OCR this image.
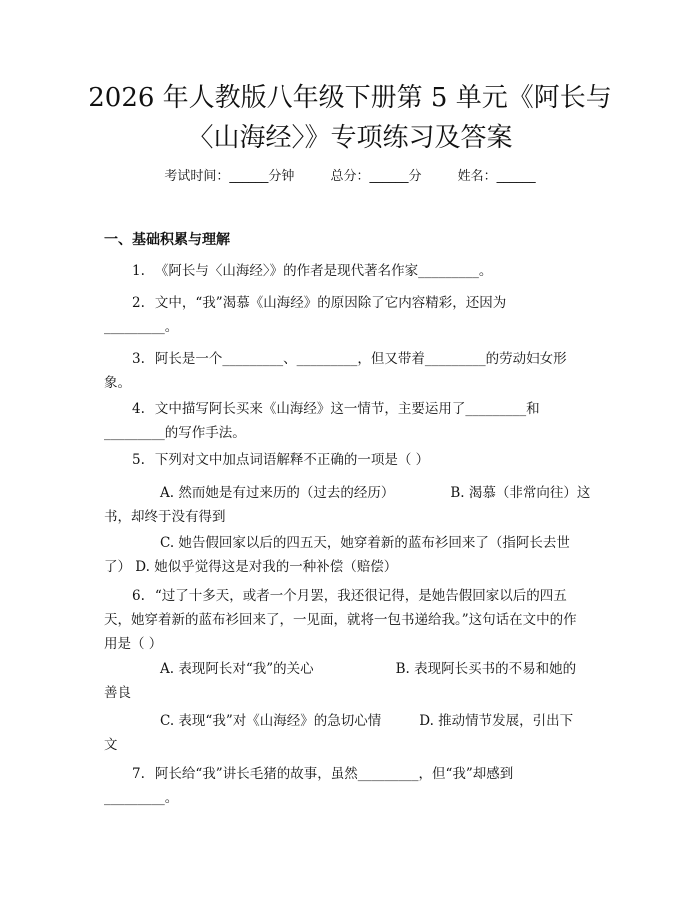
2026 年人教版八年级下册第 5 单元《阿长与
〈山海经〉》专项练习及答案
考试时间：______分钟	总分：______分	姓名：______
一、基础积累与理解
1. 《阿长与〈山海经〉》的作者是现代著名作家_________。
2. 文中，“我”渴慕《山海经》的原因除了它内容精彩，还因为
_________。
3. 阿长是一个_________、_________，但又带着_________的劳动妇女形
象。
4. 文中描写阿长买来《山海经》这一情节，主要运用了_________和
_________的写作手法。
5. 下列对文中加点词语解释不正确的一项是（ ）
A. 然而她是有过来历的（过去的经历）	B. 渴慕（非常向往）这
书，却终于没有得到
C. 她告假回家以后的四五天，她穿着新的蓝布衫回来了（指阿长去世
了） D. 她似乎觉得这是对我的一种补偿（赔偿）
6. “过了十多天，或者一个月罢，我还很记得，是她告假回家以后的四五
天，她穿着新的蓝布衫回来了，一见面，就将一包书递给我。”这句话在文中的作
用是（ ）
A. 表现阿长对“我”的关心	B. 表现阿长买书的不易和她的
善良
C. 表现“我”对《山海经》的急切心情	D. 推动情节发展，引出下
文
7. 阿长给“我”讲长毛猪的故事，虽然_________，但“我”却感到
_________。
